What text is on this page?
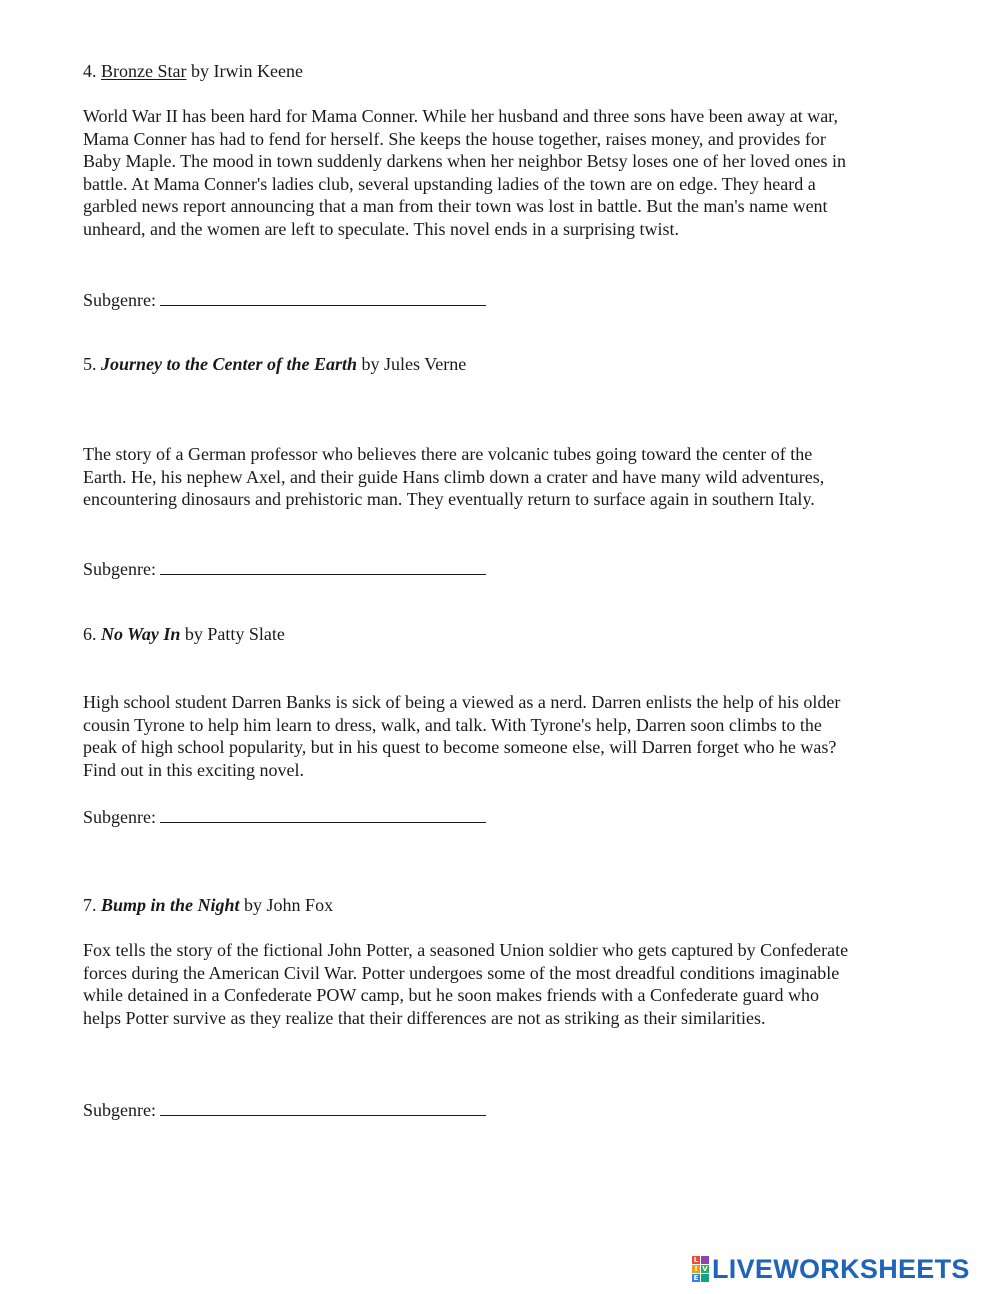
4. Bronze Star by Irwin Keene
World War II has been hard for Mama Conner. While her husband and three sons have been away at war,
Mama Conner has had to fend for herself. She keeps the house together, raises money, and provides for
Baby Maple. The mood in town suddenly darkens when her neighbor Betsy loses one of her loved ones in
battle. At Mama Conner's ladies club, several upstanding ladies of the town are on edge. They heard a
garbled news report announcing that a man from their town was lost in battle. But the man's name went
unheard, and the women are left to speculate. This novel ends in a surprising twist.
Subgenre:
5. Journey to the Center of the Earth by Jules Verne
The story of a German professor who believes there are volcanic tubes going toward the center of the
Earth. He, his nephew Axel, and their guide Hans climb down a crater and have many wild adventures,
encountering dinosaurs and prehistoric man. They eventually return to surface again in southern Italy.
Subgenre:
6. No Way In by Patty Slate
High school student Darren Banks is sick of being a viewed as a nerd. Darren enlists the help of his older
cousin Tyrone to help him learn to dress, walk, and talk. With Tyrone's help, Darren soon climbs to the
peak of high school popularity, but in his quest to become someone else, will Darren forget who he was?
Find out in this exciting novel.
Subgenre:
7. Bump in the Night by John Fox
Fox tells the story of the fictional John Potter, a seasoned Union soldier who gets captured by Confederate
forces during the American Civil War. Potter undergoes some of the most dreadful conditions imaginable
while detained in a Confederate POW camp, but he soon makes friends with a Confederate guard who
helps Potter survive as they realize that their differences are not as striking as their similarities.
Subgenre:
L
I V
E LIVEWORKSHEETS
